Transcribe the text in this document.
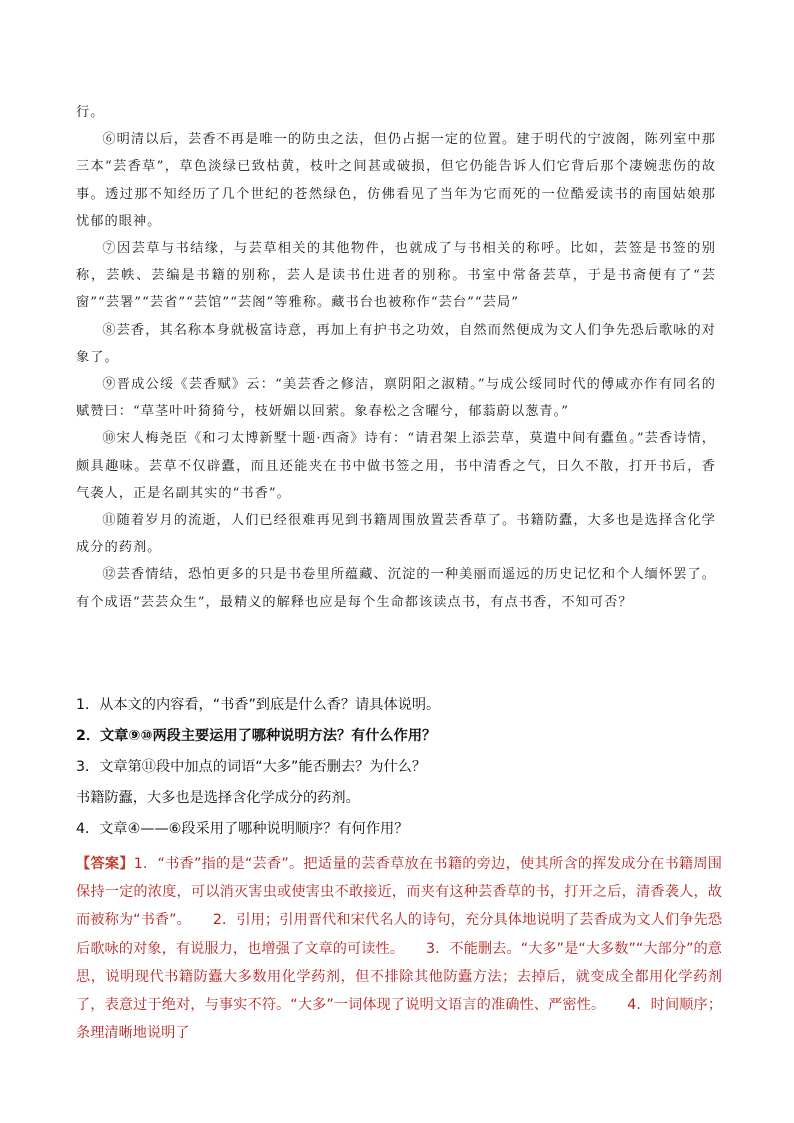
行。

⑥明清以后，芸香不再是唯一的防虫之法，但仍占据一定的位置。建于明代的宁波阁，陈列室中那三本“芸香草”，草色淡绿已致枯黄，枝叶之间甚或破损，但它仍能告诉人们它背后那个凄婉悲伤的故事。透过那不知经历了几个世纪的苍然绿色，仿佛看见了当年为它而死的一位酷爱读书的南国姑娘那忧郁的眼神。

⑦因芸草与书结缘，与芸草相关的其他物件，也就成了与书相关的称呼。比如，芸签是书签的别称，芸帙、芸编是书籍的别称，芸人是读书仕进者的别称。书室中常备芸草，于是书斋便有了“芸窗”“芸署”“芸省”“芸馆”“芸阁”等雅称。藏书台也被称作“芸台”“芸局”

⑧芸香，其名称本身就极富诗意，再加上有护书之功效，自然而然便成为文人们争先恐后歌咏的对象了。

⑨晋成公绥《芸香赋》云：“美芸香之修洁，禀阴阳之淑精。”与成公绥同时代的傅咸亦作有同名的赋赞曰：“草茎叶叶猗猗兮，枝妍媚以回萦。象春松之含曜兮，郁蓊蔚以葱青。”

⑩宋人梅尧臣《和刁太博新墅十题·西斋》诗有：“请君架上添芸草，莫遣中间有蠹鱼。”芸香诗情，颇具趣味。芸草不仅辟蠹，而且还能夹在书中做书签之用，书中清香之气，日久不散，打开书后，香气袭人，正是名副其实的“书香”。

⑪随着岁月的流逝，人们已经很难再见到书籍周围放置芸香草了。书籍防蠹，大多也是选择含化学成分的药剂。

⑫芸香情结，恐怕更多的只是书卷里所蕴藏、沉淀的一种美丽而遥远的历史记忆和个人缅怀罢了。有个成语“芸芸众生”，最精义的解释也应是每个生命都该读点书，有点书香，不知可否？

1．从本文的内容看，“书香”到底是什么香？请具体说明。

2．文章⑨⑩两段主要运用了哪种说明方法？有什么作用？

3．文章第⑪段中加点的词语“大多”能否删去？为什么？

书籍防蠹，大多也是选择含化学成分的药剂。

4．文章④——⑥段采用了哪种说明顺序？有何作用？

【答案】1．“书香”指的是“芸香”。把适量的芸香草放在书籍的旁边，使其所含的挥发成分在书籍周围保持一定的浓度，可以消灭害虫或使害虫不敢接近，而夹有这种芸香草的书，打开之后，清香袭人，故而被称为“书香”。 2．引用；引用晋代和宋代名人的诗句，充分具体地说明了芸香成为文人们争先恐后歌咏的对象，有说服力，也增强了文章的可读性。 3．不能删去。“大多”是“大多数”“大部分”的意思，说明现代书籍防蠹大多数用化学药剂，但不排除其他防蠹方法；去掉后，就变成全都用化学药剂了，表意过于绝对，与事实不符。“大多”一词体现了说明文语言的准确性、严密性。 4．时间顺序；条理清晰地说明了
